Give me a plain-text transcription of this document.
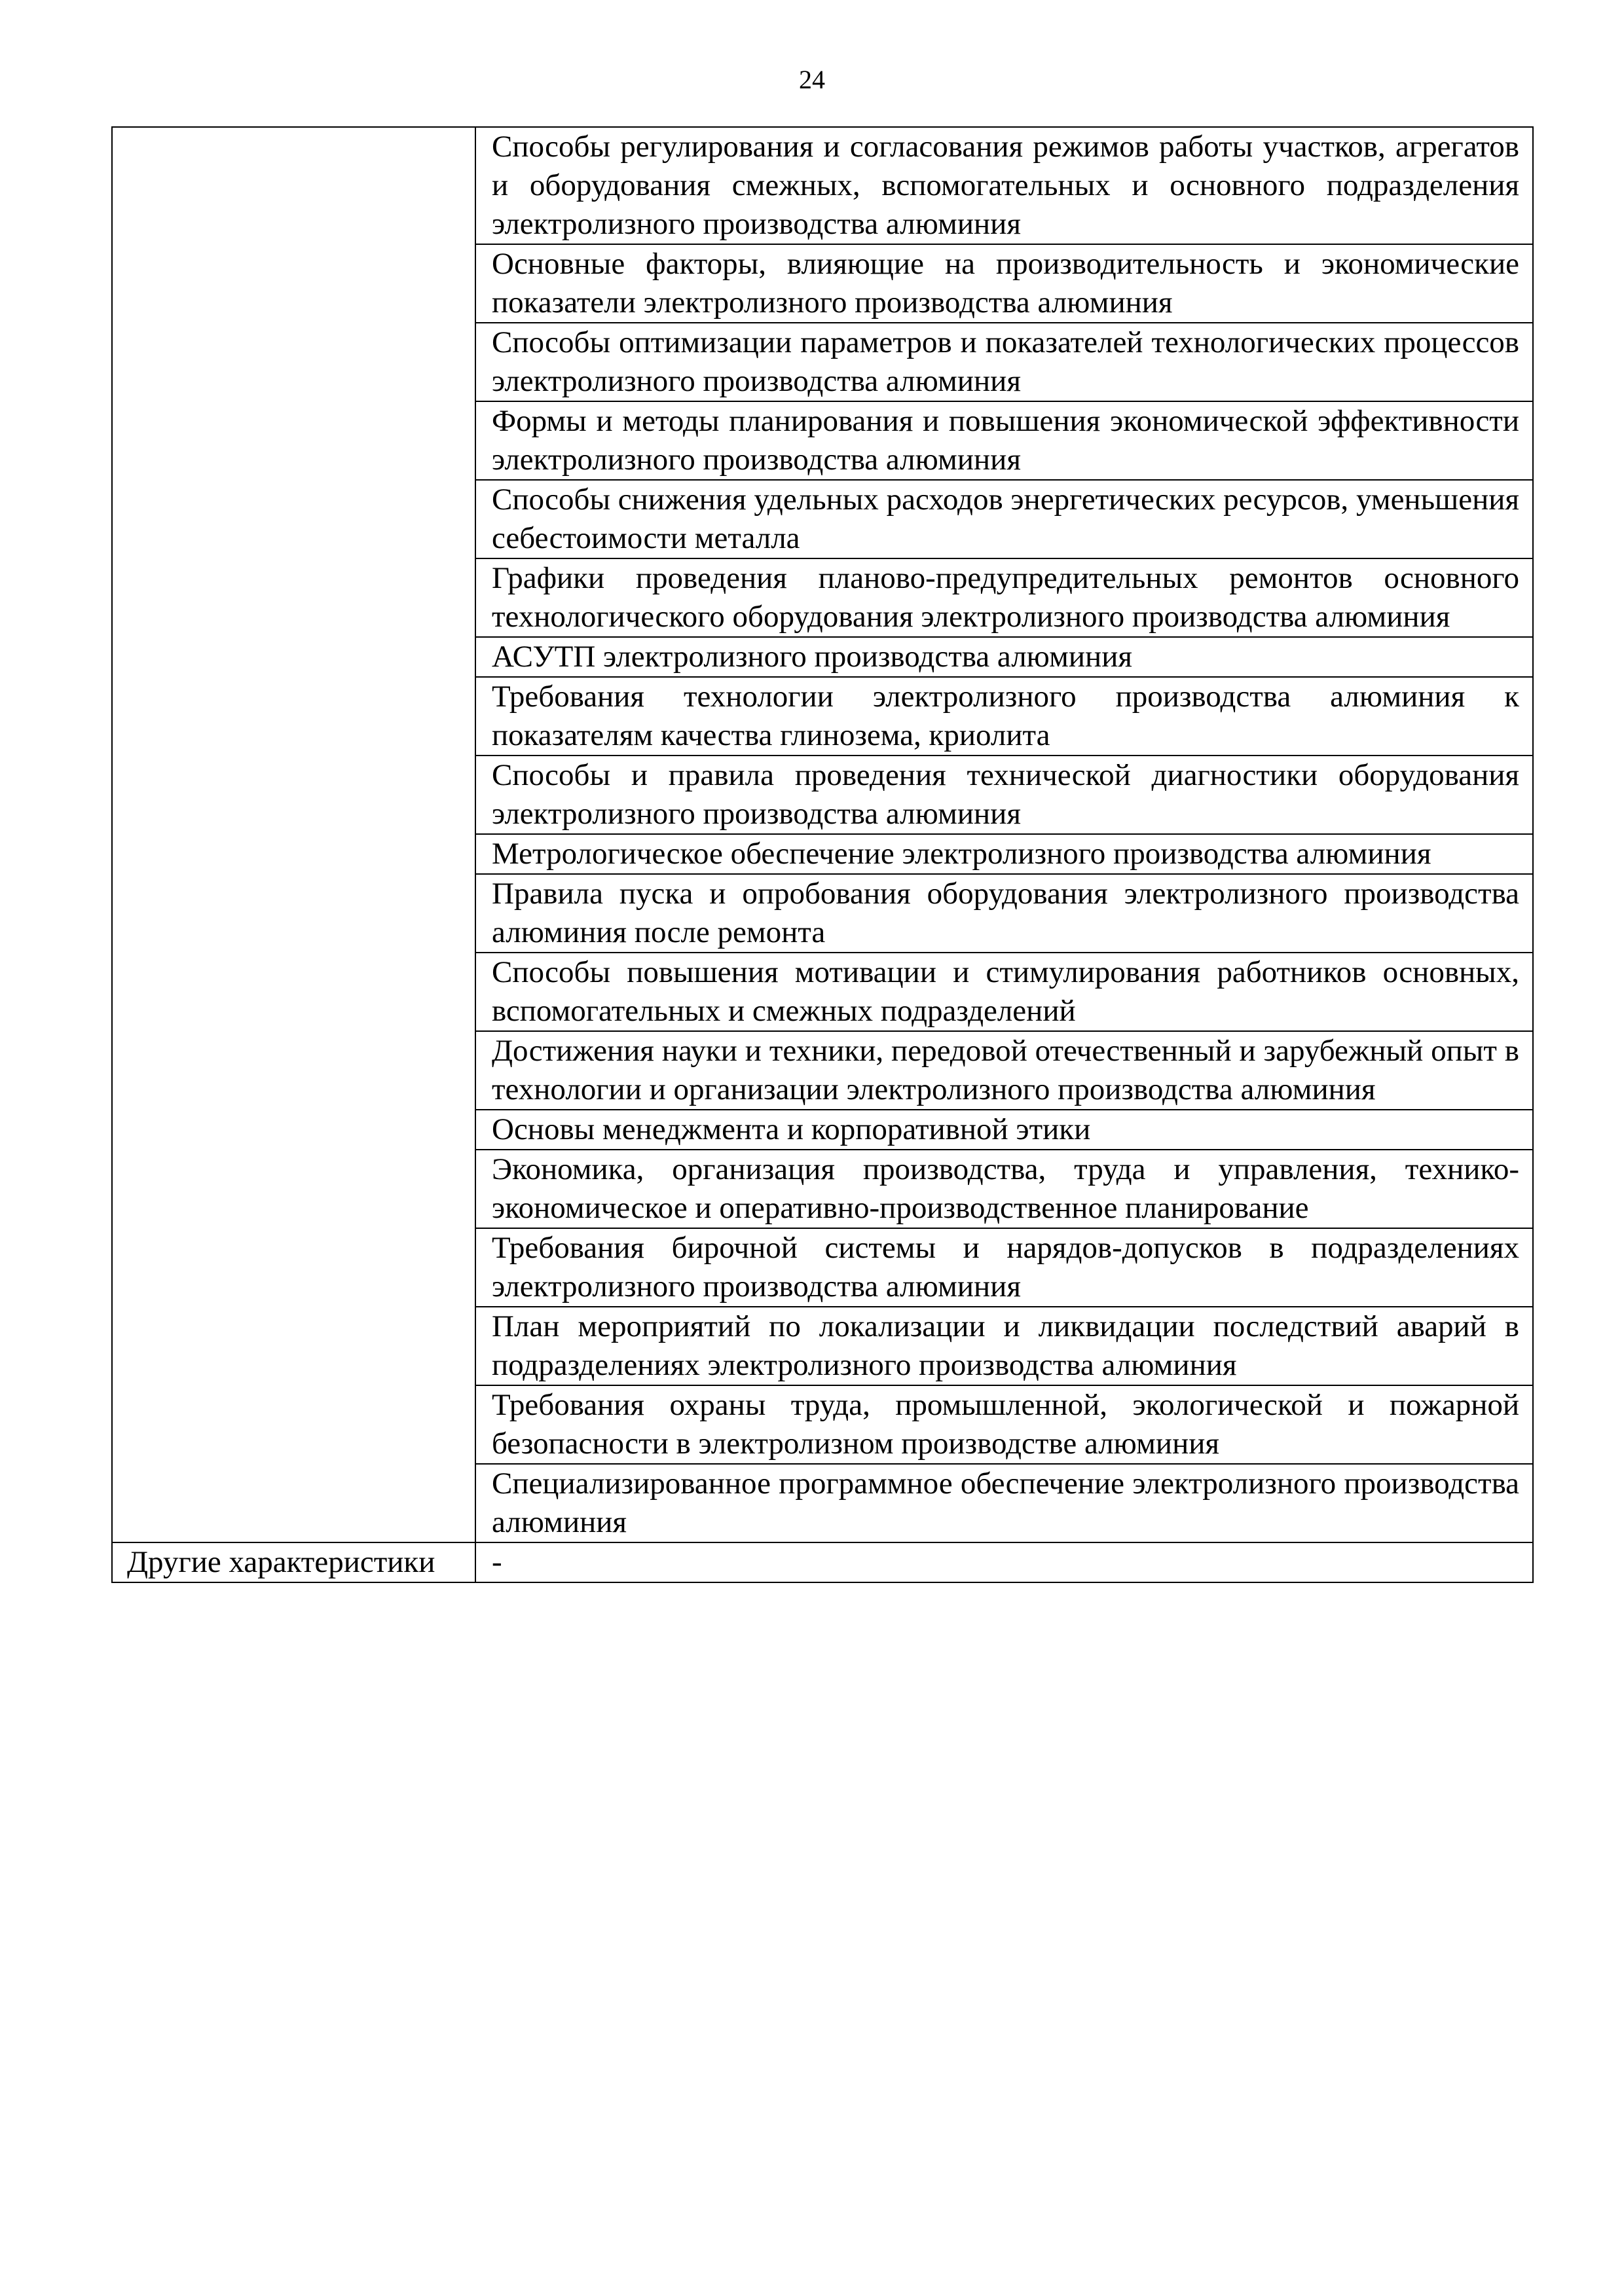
24
	Способы регулирования и согласования режимов работы участков, агрегатов и оборудования смежных, вспомогательных и основного подразделения электролизного производства алюминия
	Основные факторы, влияющие на производительность и экономические показатели электролизного производства алюминия
	Способы оптимизации параметров и показателей технологических процессов электролизного производства алюминия
	Формы и методы планирования и повышения экономической эффективности электролизного производства алюминия
	Способы снижения удельных расходов энергетических ресурсов, уменьшения себестоимости металла
	Графики проведения планово-предупредительных ремонтов основного технологического оборудования электролизного производства алюминия
	АСУТП электролизного производства алюминия
	Требования технологии электролизного производства алюминия к показателям качества глинозема, криолита
	Способы и правила проведения технической диагностики оборудования электролизного производства алюминия
	Метрологическое обеспечение электролизного производства алюминия
	Правила пуска и опробования оборудования электролизного производства алюминия после ремонта
	Способы повышения мотивации и стимулирования работников основных, вспомогательных и смежных подразделений
	Достижения науки и техники, передовой отечественный и зарубежный опыт в технологии и организации электролизного производства алюминия
	Основы менеджмента и корпоративной этики
	Экономика, организация производства, труда и управления, технико-экономическое и оперативно-производственное планирование
	Требования бирочной системы и нарядов-допусков в подразделениях электролизного производства алюминия
	План мероприятий по локализации и ликвидации последствий аварий в подразделениях электролизного производства алюминия
	Требования охраны труда, промышленной, экологической и пожарной безопасности в электролизном производстве алюминия
	Специализированное программное обеспечение электролизного производства алюминия
Другие характеристики	-
